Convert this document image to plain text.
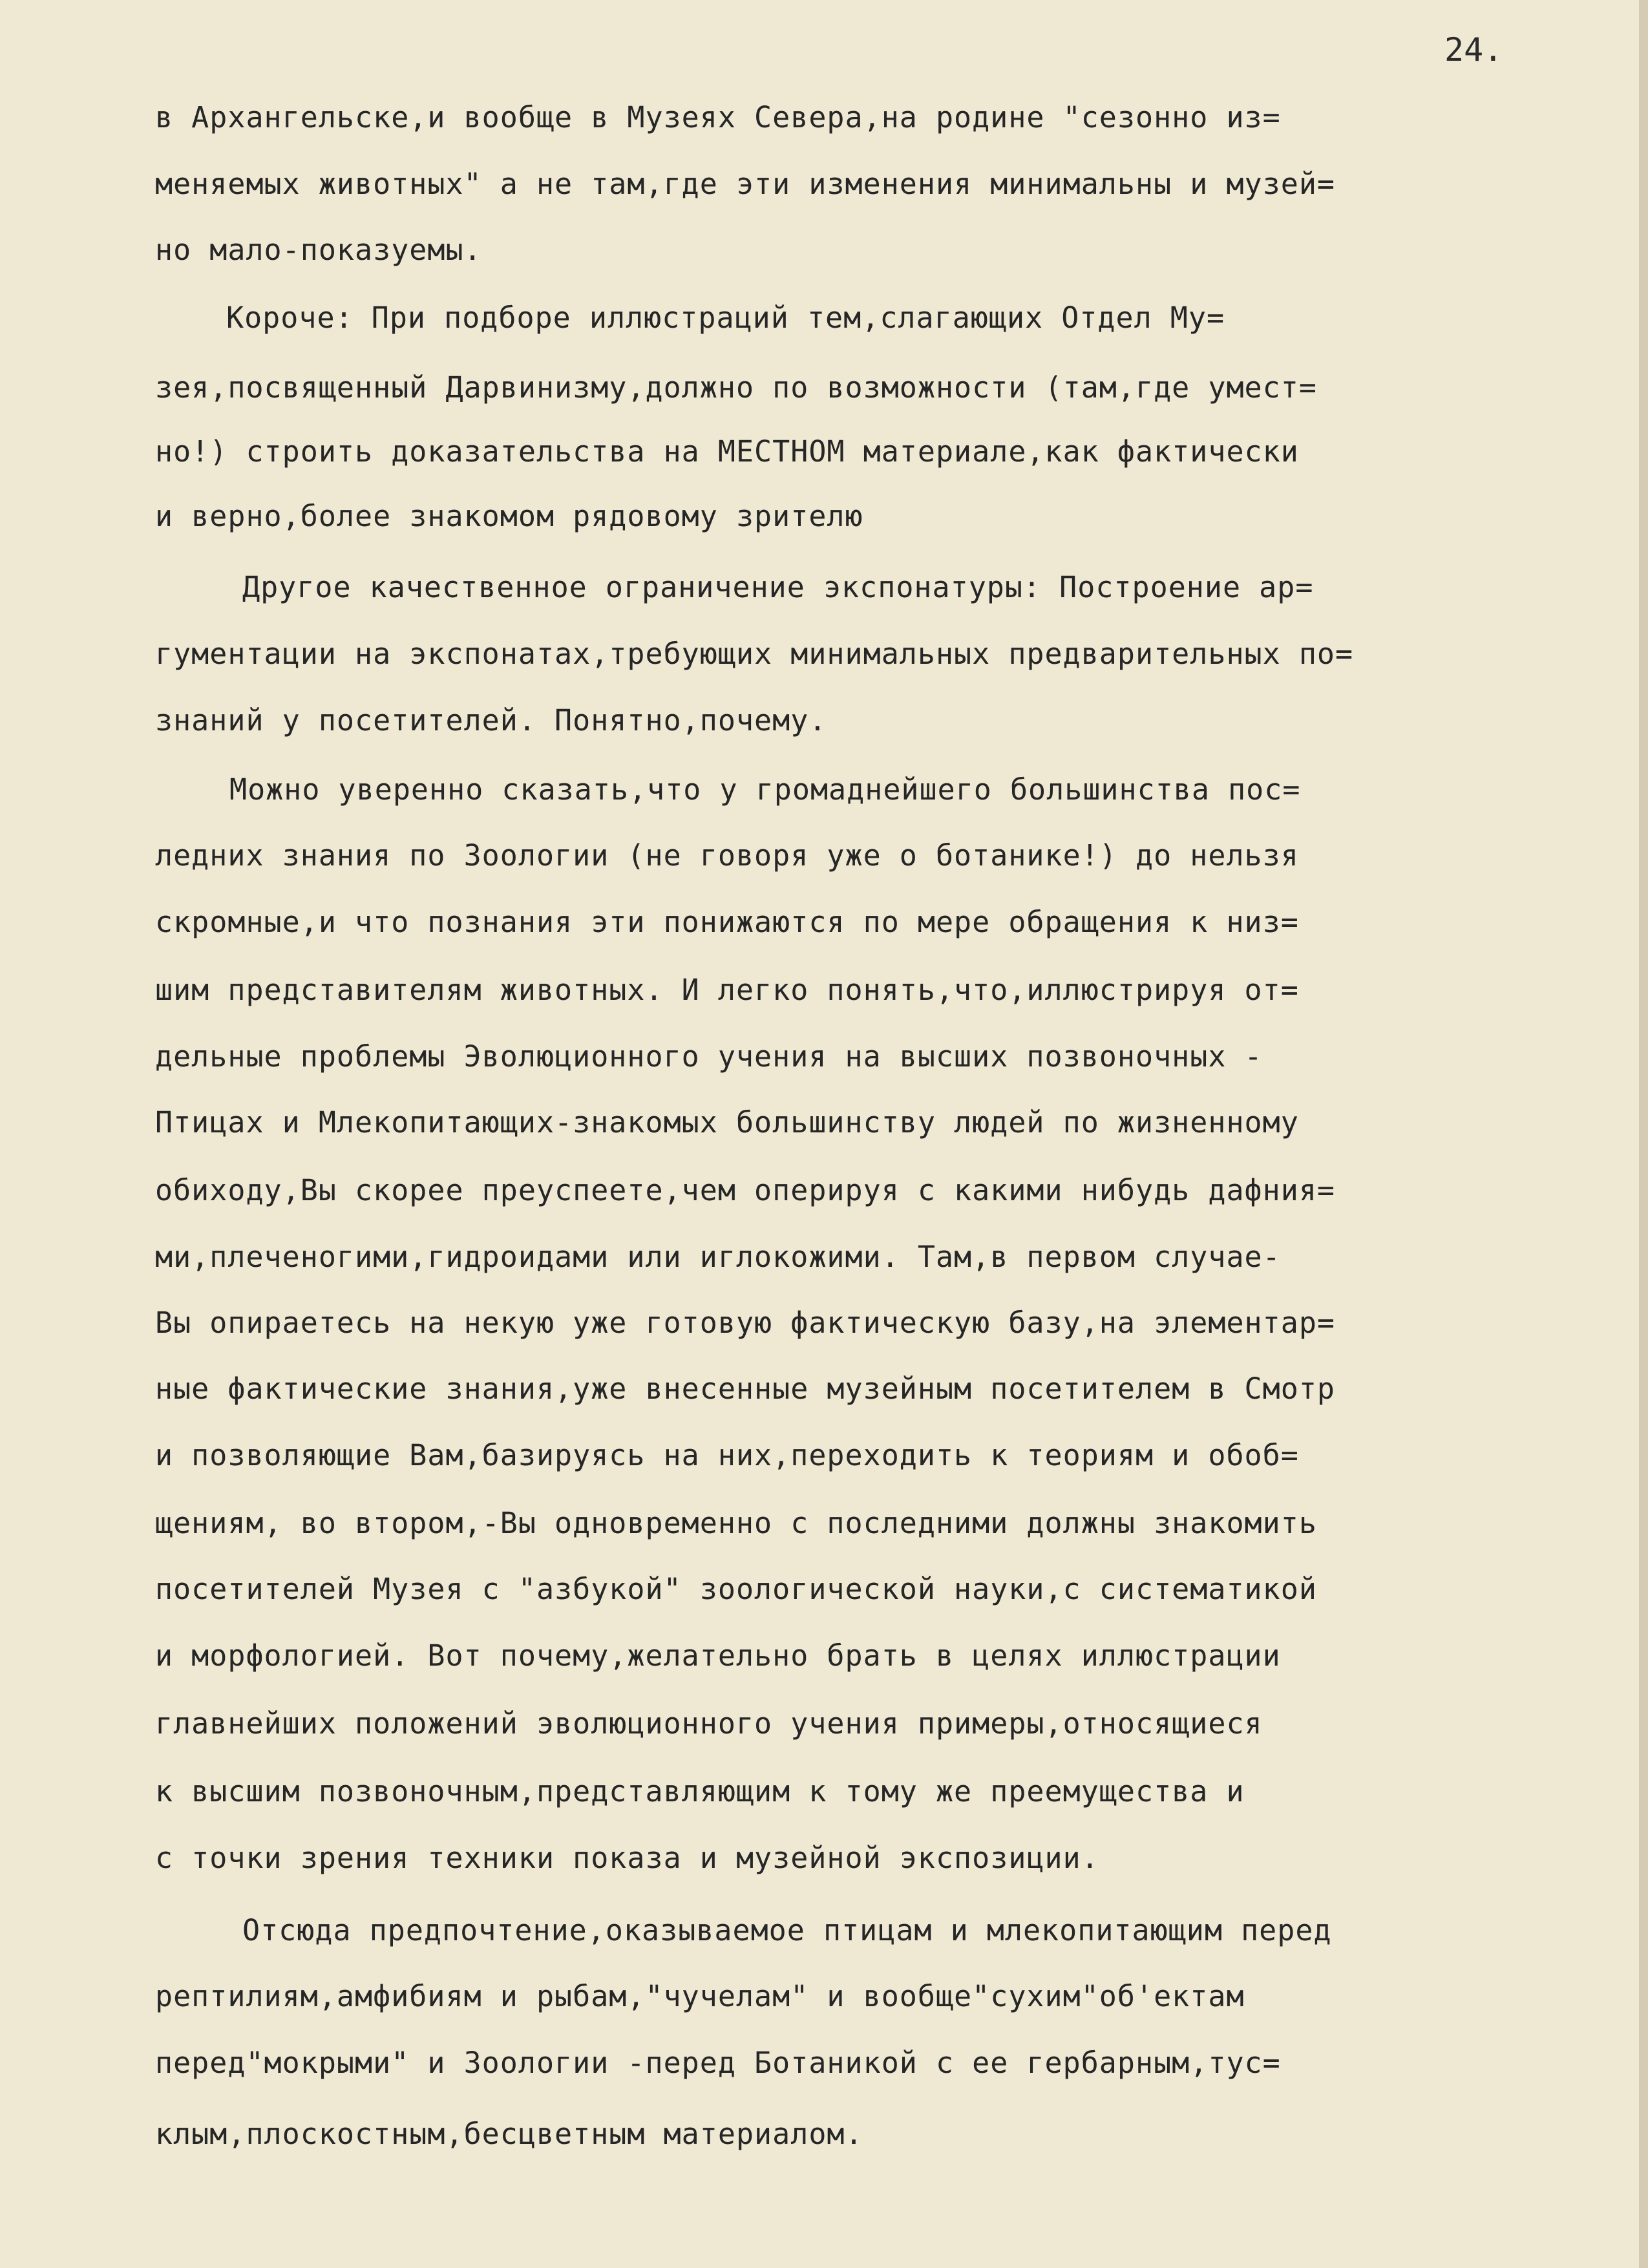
24.
в Архангельске,и вообще в Музеях Севера,на родине "сезонно из=
меняемых животных" а не там,где эти изменения минимальны и музей=
но мало-показуемы.
Короче: При подборе иллюстраций тем,слагающих Отдел Му=
зея,посвященный Дарвинизму,должно по возможности (там,где умест=
но!) строить доказательства на МЕСТНОМ материале,как фактически
и верно,более знакомом рядовому зрителю
Другое качественное ограничение экспонатуры: Построение ар=
гументации на экспонатах,требующих минимальных предварительных по=
знаний у посетителей. Понятно,почему.
Можно уверенно сказать,что у громаднейшего большинства пос=
ледних знания по Зоологии (не говоря уже о ботанике!) до нельзя
скромные,и что познания эти понижаются по мере обращения к низ=
шим представителям животных. И легко понять,что,иллюстрируя от=
дельные проблемы Эволюционного учения на высших позвоночных -
Птицах и Млекопитающих-знакомых большинству людей по жизненному
обиходу,Вы скорее преуспеете,чем оперируя с какими нибудь дафния=
ми,плеченогими,гидроидами или иглокожими. Там,в первом случае-
Вы опираетесь на некую уже готовую фактическую базу,на элементар=
ные фактические знания,уже внесенные музейным посетителем в Смотр
и позволяющие Вам,базируясь на них,переходить к теориям и обоб=
щениям, во втором,-Вы одновременно с последними должны знакомить
посетителей Музея с "азбукой" зоологической науки,с систематикой
и морфологией. Вот почему,желательно брать в целях иллюстрации
главнейших положений эволюционного учения примеры,относящиеся
к высшим позвоночным,представляющим к тому же преемущества и
с точки зрения техники показа и музейной экспозиции.
Отсюда предпочтение,оказываемое птицам и млекопитающим перед
рептилиям,амфибиям и рыбам,"чучелам" и вообще"сухим"об'ектам
перед"мокрыми" и Зоологии -перед Ботаникой с ее гербарным,тус=
клым,плоскостным,бесцветным материалом.
